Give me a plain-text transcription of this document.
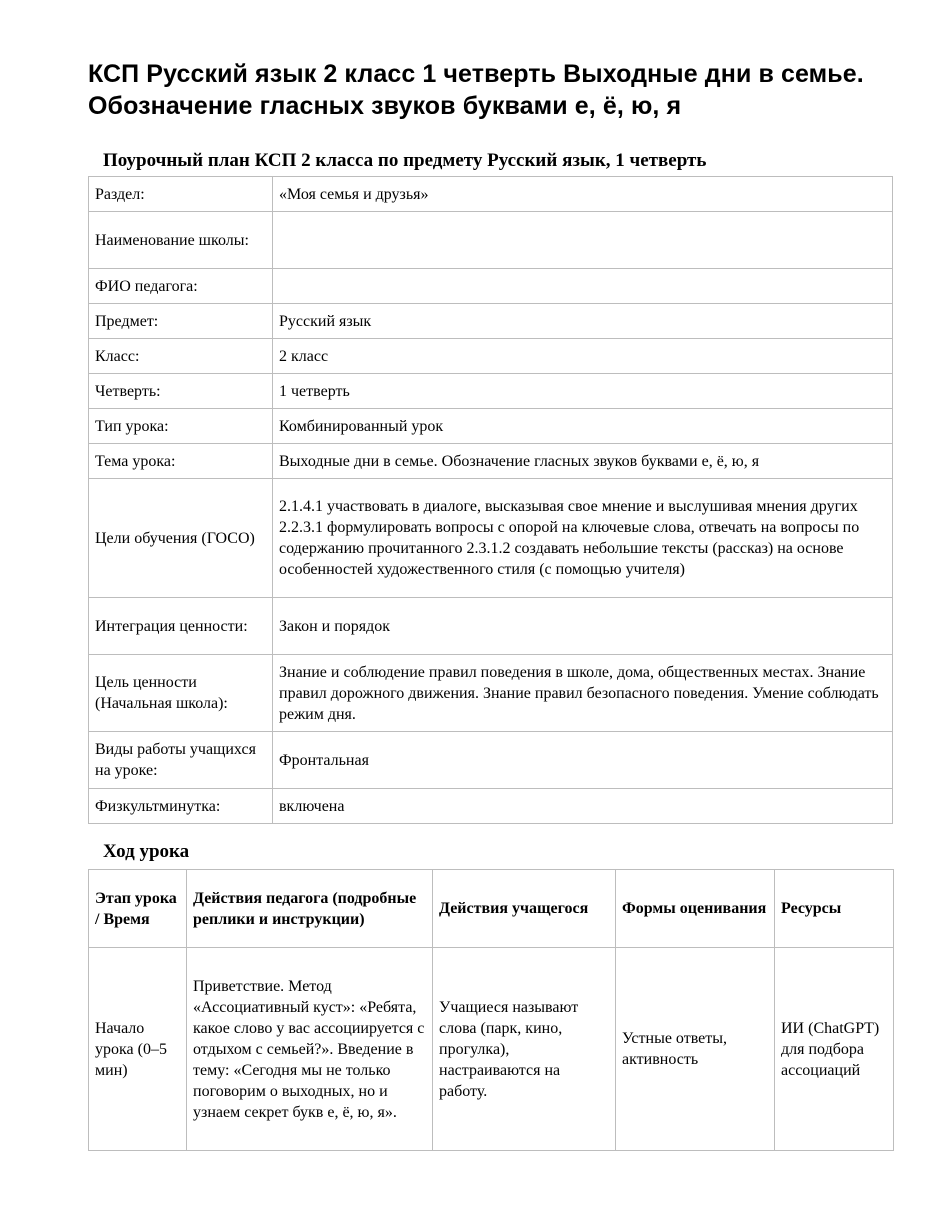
КСП Русский язык 2 класс 1 четверть Выходные дни в семье. Обозначение гласных звуков буквами е, ё, ю, я
Поурочный план КСП 2 класса по предмету Русский язык, 1 четверть
Раздел:	«Моя семья и друзья»
Наименование школы:	
ФИО педагога:	
Предмет:	Русский язык
Класс:	2 класс
Четверть:	1 четверть
Тип урока:	Комбинированный урок
Тема урока:	Выходные дни в семье. Обозначение гласных звуков буквами е, ё, ю, я
Цели обучения (ГОСО)	2.1.4.1 участвовать в диалоге, высказывая свое мнение и выслушивая мнения других 2.2.3.1 формулировать вопросы с опорой на ключевые слова, отвечать на вопросы по содержанию прочитанного 2.3.1.2 создавать небольшие тексты (рассказ) на основе особенностей художественного стиля (с помощью учителя)
Интеграция ценности:	Закон и порядок
Цель ценности (Начальная школа):	Знание и соблюдение правил поведения в школе, дома, общественных местах. Знание правил дорожного движения. Знание правил безопасного поведения. Умение соблюдать режим дня.
Виды работы учащихся на уроке:	Фронтальная
Физкультминутка:	включена
Ход урока
Этап урока / Время	Действия педагога (подробные реплики и инструкции)	Действия учащегося	Формы оценивания	Ресурсы
Начало урока (0–5 мин)	Приветствие. Метод «Ассоциативный куст»: «Ребята, какое слово у вас ассоциируется с отдыхом с семьей?». Введение в тему: «Сегодня мы не только поговорим о выходных, но и узнаем секрет букв е, ё, ю, я».	Учащиеся называют слова (парк, кино, прогулка), настраиваются на работу.	Устные ответы, активность	ИИ (ChatGPT) для подбора ассоциаций
